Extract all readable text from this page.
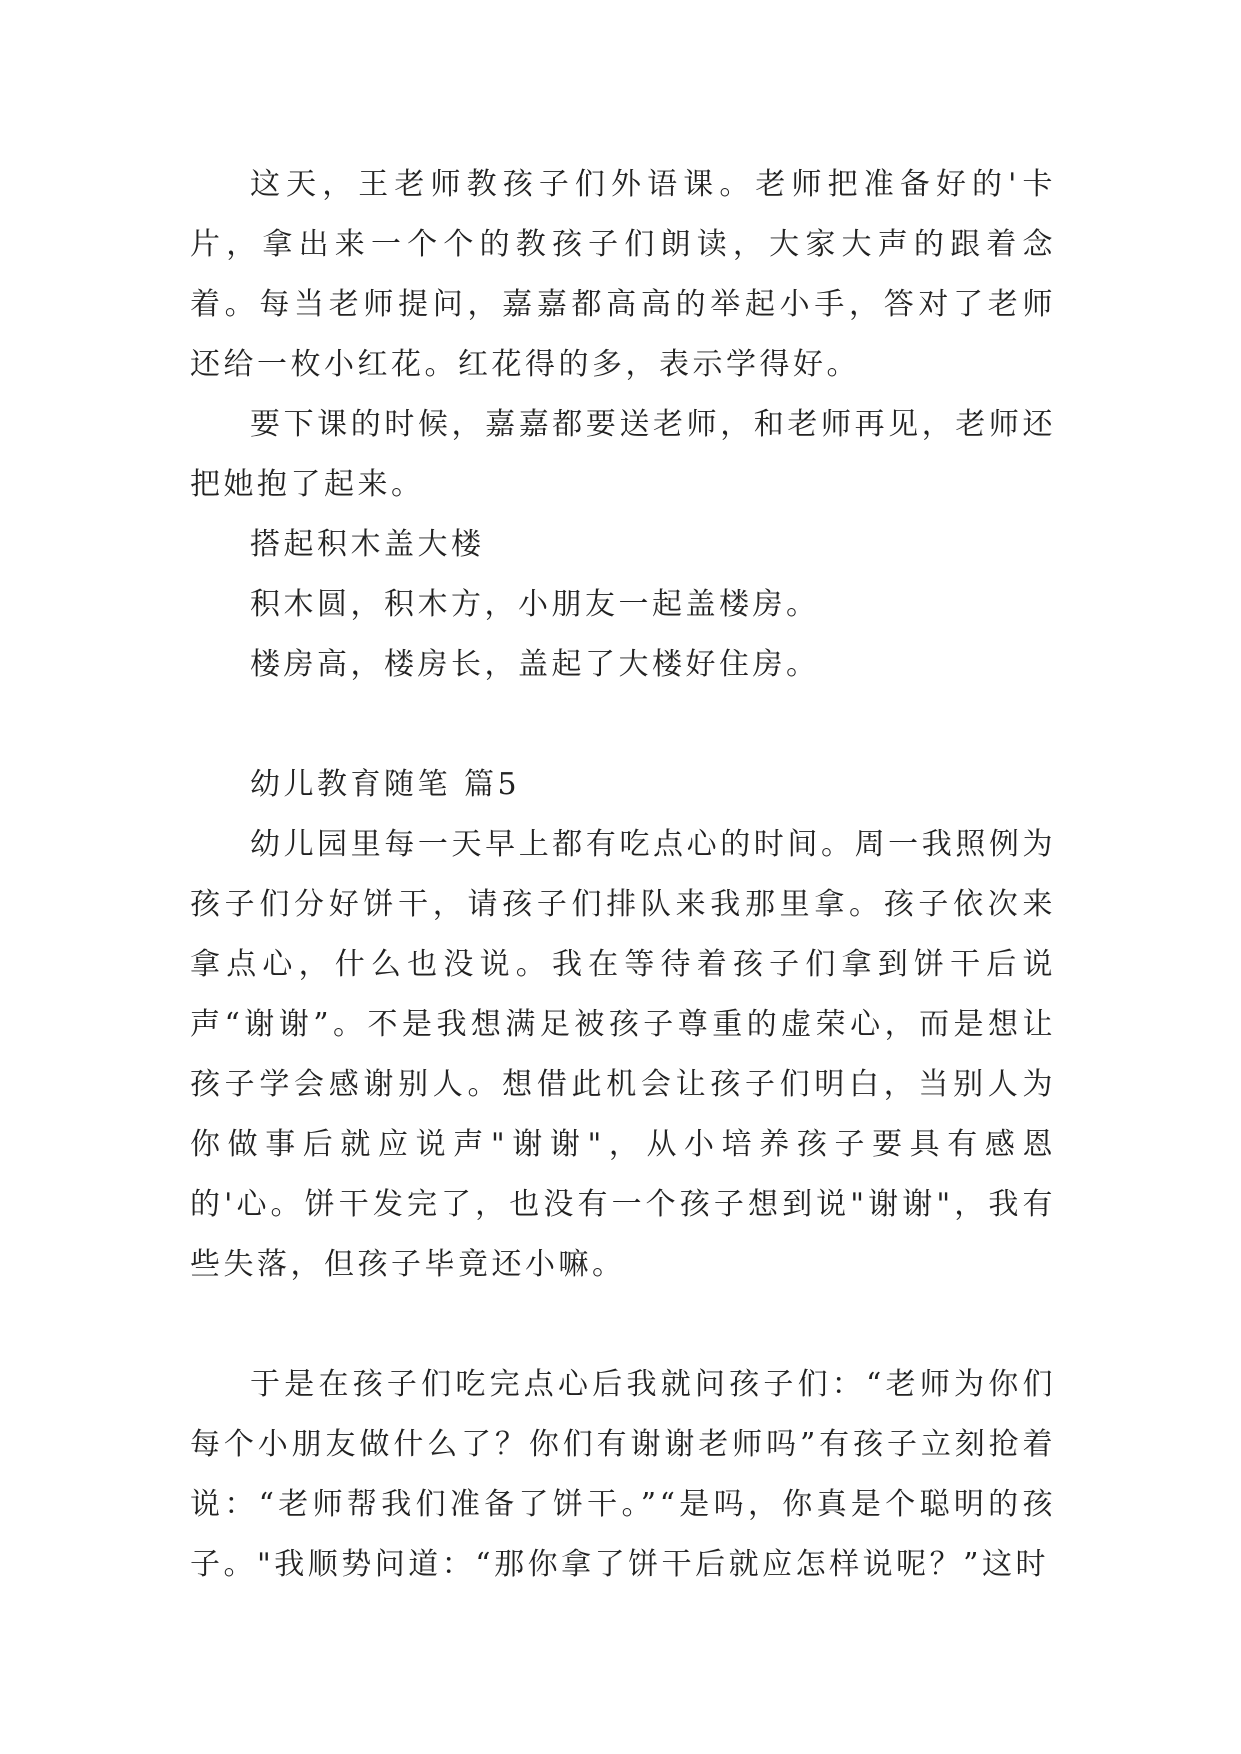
这天，王老师教孩子们外语课。老师把准备好的'卡片，拿出来一个个的教孩子们朗读，大家大声的跟着念着。每当老师提问，嘉嘉都高高的举起小手，答对了老师还给一枚小红花。红花得的多，表示学得好。

要下课的时候，嘉嘉都要送老师，和老师再见，老师还把她抱了起来。

搭起积木盖大楼

积木圆，积木方，小朋友一起盖楼房。

楼房高，楼房长，盖起了大楼好住房。

幼儿教育随笔 篇5

幼儿园里每一天早上都有吃点心的时间。周一我照例为孩子们分好饼干，请孩子们排队来我那里拿。孩子依次来拿点心，什么也没说。我在等待着孩子们拿到饼干后说声“谢谢”。不是我想满足被孩子尊重的虚荣心，而是想让孩子学会感谢别人。想借此机会让孩子们明白，当别人为你做事后就应说声"谢谢"，从小培养孩子要具有感恩的'心。饼干发完了，也没有一个孩子想到说"谢谢"，我有些失落，但孩子毕竟还小嘛。

于是在孩子们吃完点心后我就问孩子们：“老师为你们每个小朋友做什么了？你们有谢谢老师吗”有孩子立刻抢着说：“老师帮我们准备了饼干。”“是吗，你真是个聪明的孩子。"我顺势问道：“那你拿了饼干后就应怎样说呢？”这时
